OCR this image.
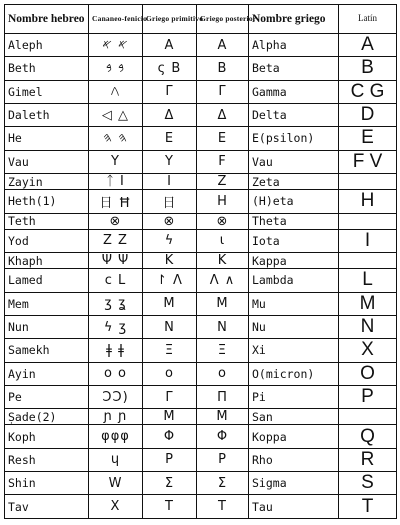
Nombre hebreo	Cananeo-fenicio	Griego primitivo	Griego posterior	Nombre griego	Latín
Aleph	𐤀 𐤀	Α	Α	Alpha	A
Beth	𐤁 𐤁	ς Β	Β	Beta	B
Gimel	𐤂	Γ	Γ	Gamma	C G
Daleth	◁ △	Δ	Δ	Delta	D
He	𐤄 𐤄	Ε	Ε	E(psilon)	E
Vau	Y	Y	Ϝ	Vau	F V
Zayin	ᛏ I	I	Ζ	Zeta	
Heth(1)	日 Ħ	日	Η	(H)eta	H
Teth	⊗	⊗	⊗	Theta	
Yod	Z Z	ϟ	ι	Iota	I
Khaph	Ψ Ψ	K	K	Kappa	
Lamed	ϲ L	↾ Λ	Λ ∧	Lambda	L
Mem	ʒ ʓ	Μ	Μ	Mu	M
Nun	ϟ ʒ	Ν	Ν	Nu	N
Samekh	ǂ ǂ	Ξ	Ξ	Xi	X
Ayin	o o	o	o	O(micron)	O
Pe	ϽϽ)	Γ	Π	Pi	P
Ṣade(2)	ɲ ɲ	M	M	San	
Koph	φφφ	Φ	Φ	Koppa	Q
Resh	ɥ	P	P	Rho	R
Shin	W	Σ	Σ	Sigma	S
Tav	X	T	T	Tau	T
